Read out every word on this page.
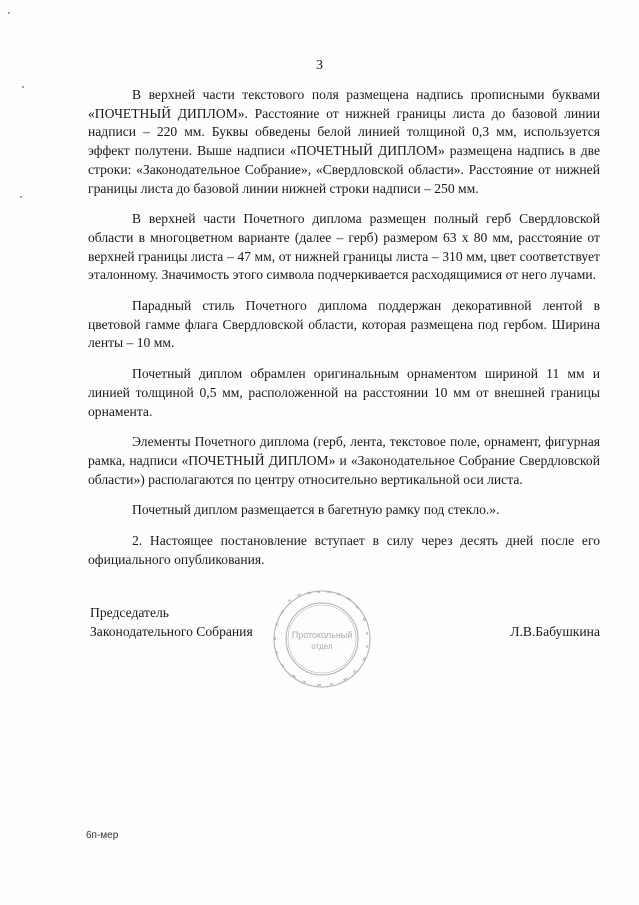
3

В верхней части текстового поля размещена надпись прописными буквами «ПОЧЕТНЫЙ ДИПЛОМ». Расстояние от нижней границы листа до базовой линии надписи – 220 мм. Буквы обведены белой линией толщиной 0,3 мм, используется эффект полутени. Выше надписи «ПОЧЕТНЫЙ ДИПЛОМ» размещена надпись в две строки: «Законодательное Собрание», «Свердловской области». Расстояние от нижней границы листа до базовой линии нижней строки надписи – 250 мм.

В верхней части Почетного диплома размещен полный герб Свердловской области в многоцветном варианте (далее – герб) размером 63 х 80 мм, расстояние от верхней границы листа – 47 мм, от нижней границы листа – 310 мм, цвет соответствует эталонному. Значимость этого символа подчеркивается расходящимися от него лучами.

Парадный стиль Почетного диплома поддержан декоративной лентой в цветовой гамме флага Свердловской области, которая размещена под гербом. Ширина ленты – 10 мм.

Почетный диплом обрамлен оригинальным орнаментом шириной 11 мм и линией толщиной 0,5 мм, расположенной на расстоянии 10 мм от внешней границы орнамента.

Элементы Почетного диплома (герб, лента, текстовое поле, орнамент, фигурная рамка, надписи «ПОЧЕТНЫЙ ДИПЛОМ» и «Законодательное Собрание Свердловской области») располагаются по центру относительно вертикальной оси листа.

Почетный диплом размещается в багетную рамку под стекло.».

2. Настоящее постановление вступает в силу через десять дней после его официального опубликования.

Председатель
Законодательного Собрания	Л.В.Бабушкина
Протокольный
отдел
6п-мер
